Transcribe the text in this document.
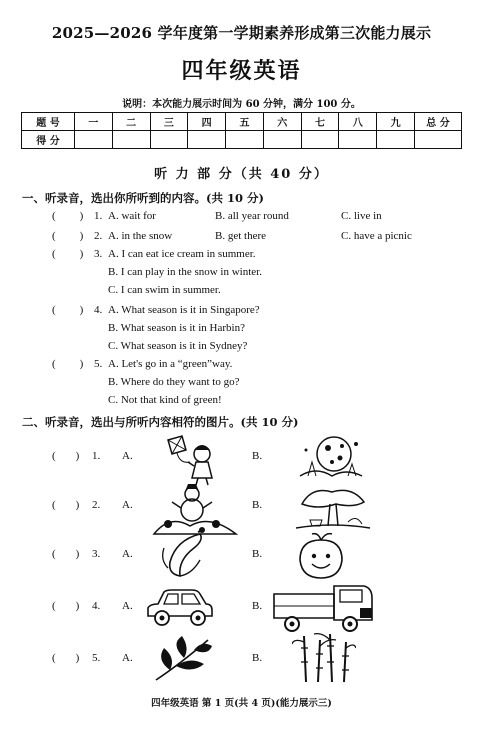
2025—2026 学年度第一学期素养形成第三次能力展示
四年级英语
说明：本次能力展示时间为 60 分钟，满分 100 分。
题 号	一	二	三	四	五	六	七	八	九	总 分
得 分										
听 力 部 分（共 40 分）
一、听录音，选出你所听到的内容。(共 10 分)
( ) 1. A. wait for	B. all year round	C. live in
( ) 2. A. in the snow	B. get there	C. have a picnic
( ) 3. A. I can eat ice cream in summer.
B. I can play in the snow in winter.
C. I can swim in summer.
( ) 4. A. What season is it in Singapore?
B. What season is it in Harbin?
C. What season is it in Sydney?
( ) 5. A. Let's go in a “green”way.
B. Where do they want to go?
C. Not that kind of green!
二、听录音，选出与所听内容相符的图片。(共 10 分)
( ) 1. A.	B.
( ) 2. A.	B.
( ) 3. A.	B.
( ) 4. A.	B.
( ) 5. A.	B.
四年级英语 第 1 页(共 4 页)(能力展示三)
